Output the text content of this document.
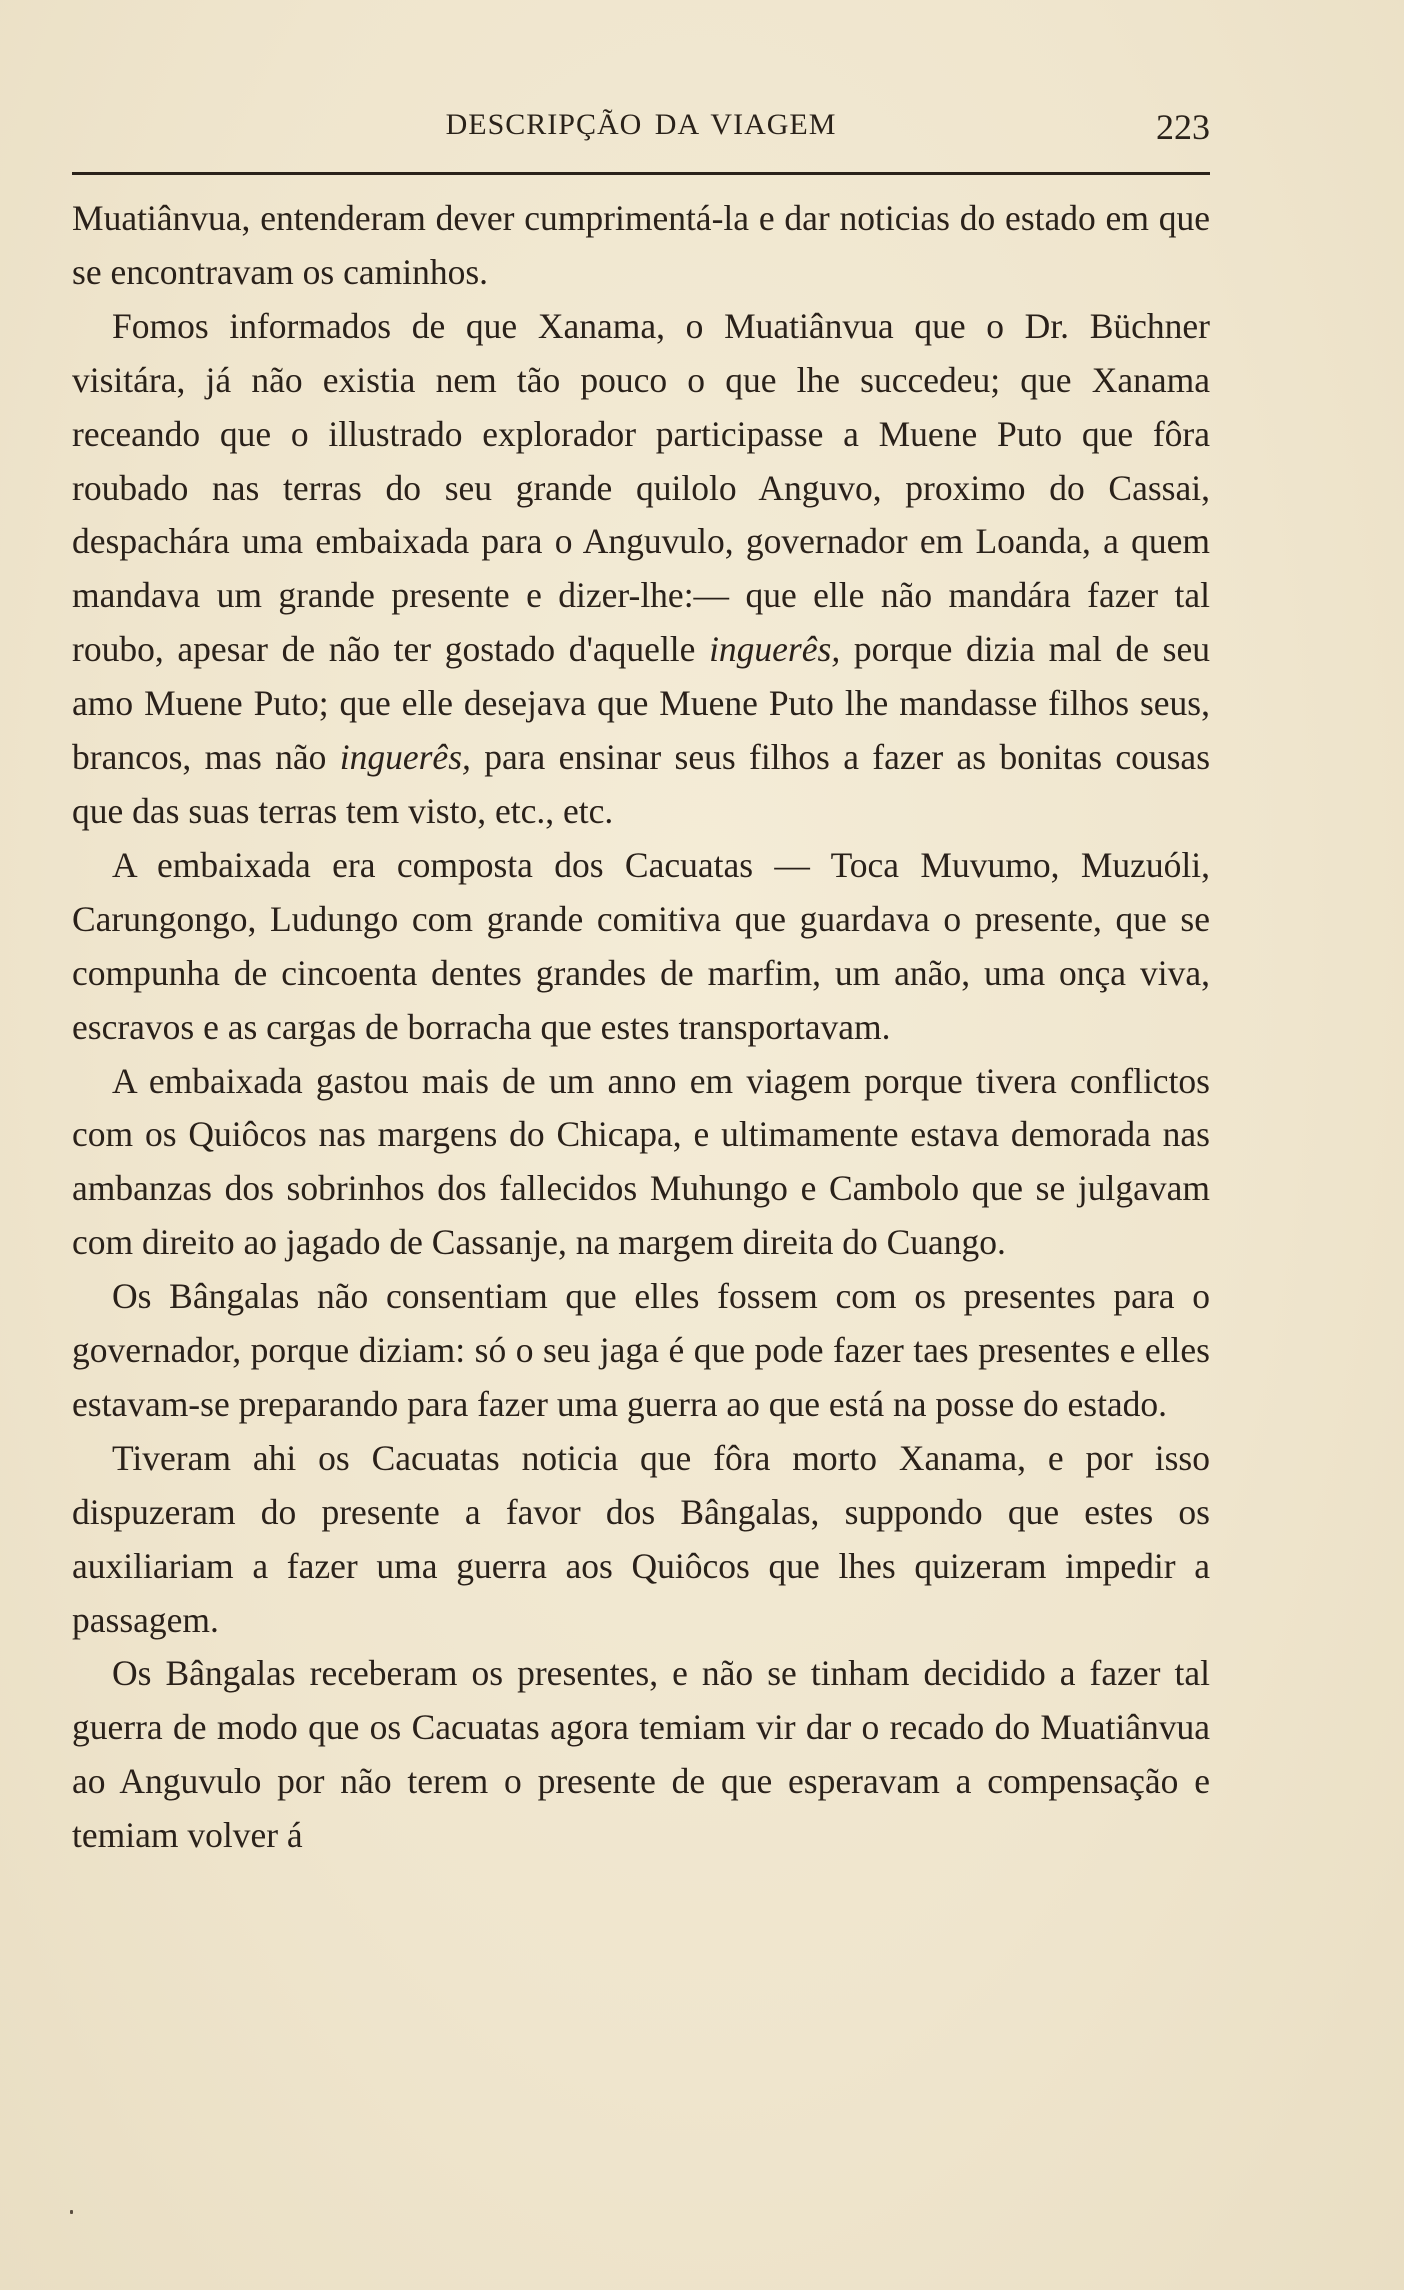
DESCRIPÇÃO DA VIAGEM	223

Muatiânvua, entenderam dever cumprimentá-la e dar noticias do estado em que se encontravam os caminhos.

Fomos informados de que Xanama, o Muatiânvua que o Dr. Büchner visitára, já não existia nem tão pouco o que lhe succedeu; que Xanama receando que o illustrado explorador participasse a Muene Puto que fôra roubado nas terras do seu grande quilolo Anguvo, proximo do Cassai, despachára uma embaixada para o Anguvulo, governador em Loanda, a quem mandava um grande presente e dizer-lhe:— que elle não mandára fazer tal roubo, apesar de não ter gostado d'aquelle inguerês, porque dizia mal de seu amo Muene Puto; que elle desejava que Muene Puto lhe mandasse filhos seus, brancos, mas não inguerês, para ensinar seus filhos a fazer as bonitas cousas que das suas terras tem visto, etc., etc.

A embaixada era composta dos Cacuatas — Toca Muvumo, Muzuóli, Carungongo, Ludungo com grande comitiva que guardava o presente, que se compunha de cincoenta dentes grandes de marfim, um anão, uma onça viva, escravos e as cargas de borracha que estes transportavam.

A embaixada gastou mais de um anno em viagem porque tivera conflictos com os Quiôcos nas margens do Chicapa, e ultimamente estava demorada nas ambanzas dos sobrinhos dos fallecidos Muhungo e Cambolo que se julgavam com direito ao jagado de Cassanje, na margem direita do Cuango.

Os Bângalas não consentiam que elles fossem com os presentes para o governador, porque diziam: só o seu jaga é que pode fazer taes presentes e elles estavam-se preparando para fazer uma guerra ao que está na posse do estado.

Tiveram ahi os Cacuatas noticia que fôra morto Xanama, e por isso dispuzeram do presente a favor dos Bângalas, suppondo que estes os auxiliariam a fazer uma guerra aos Quiôcos que lhes quizeram impedir a passagem.

Os Bângalas receberam os presentes, e não se tinham decidido a fazer tal guerra de modo que os Cacuatas agora temiam vir dar o recado do Muatiânvua ao Anguvulo por não terem o presente de que esperavam a compensação e temiam volver á
